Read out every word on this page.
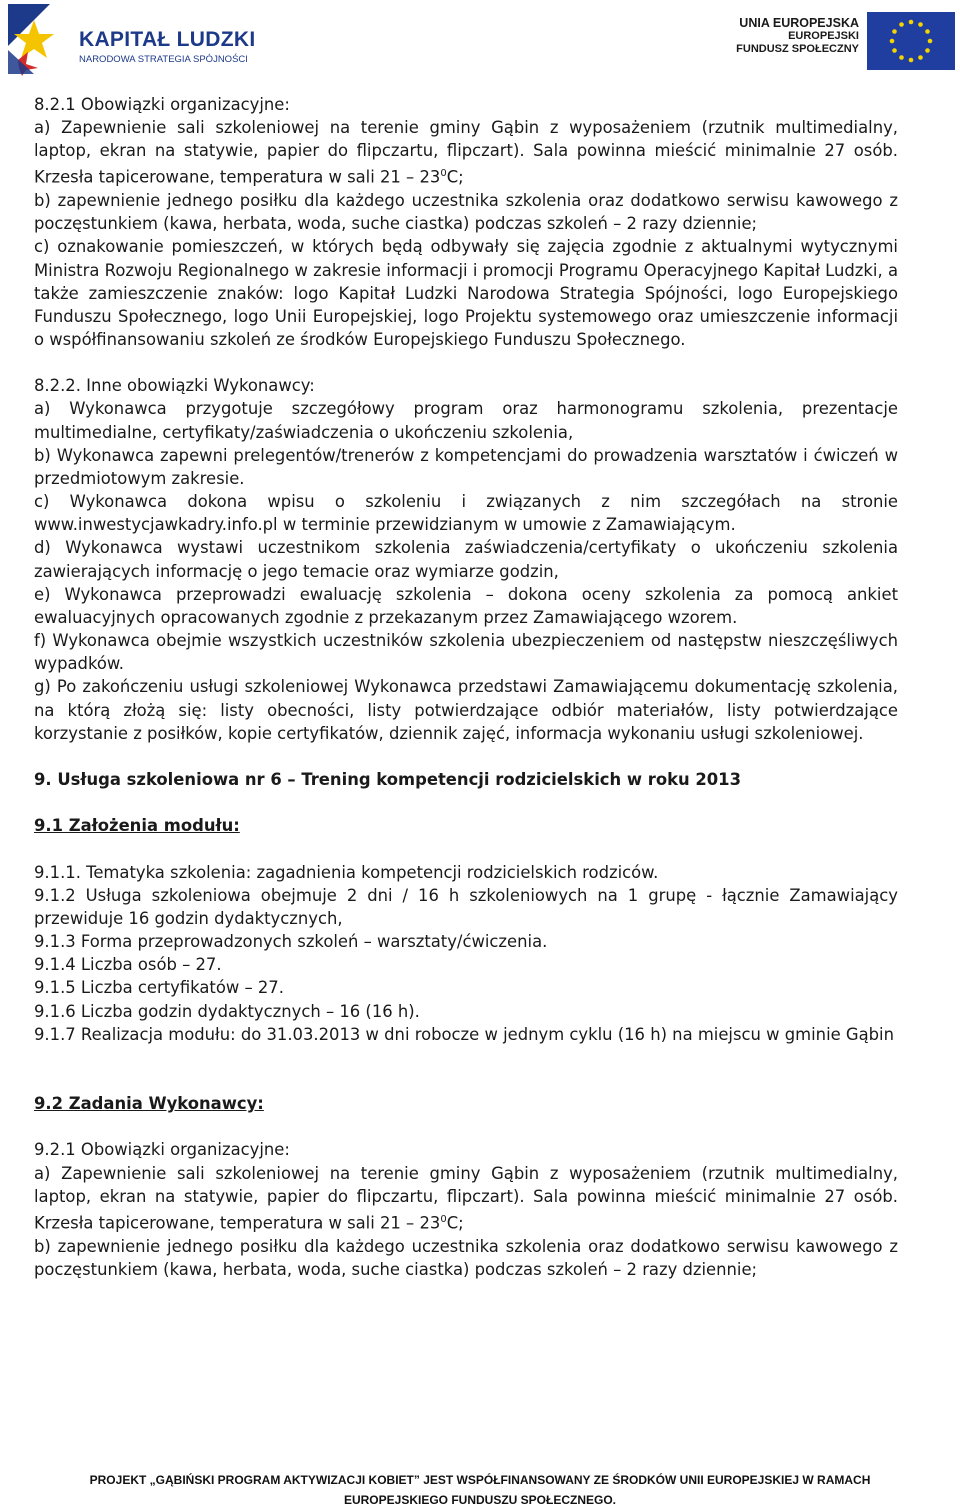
KAPITAŁ LUDZKI
NARODOWA STRATEGIA SPÓJNOŚCI
UNIA EUROPEJSKA
EUROPEJSKI
FUNDUSZ SPOŁECZNY

8.2.1 Obowiązki organizacyjne:

a) Zapewnienie sali szkoleniowej na terenie gminy Gąbin z wyposażeniem (rzutnik multimedialny, laptop, ekran na statywie, papier do flipczartu, flipczart). Sala powinna mieścić minimalnie 27 osób. Krzesła tapicerowane, temperatura w sali $21 - 23^0C$;

b) zapewnienie jednego posiłku dla każdego uczestnika szkolenia oraz dodatkowo serwisu kawowego z poczęstunkiem (kawa, herbata, woda, suche ciastka) podczas szkoleń – 2 razy dziennie;

c) oznakowanie pomieszczeń, w których będą odbywały się zajęcia zgodnie z aktualnymi wytycznymi Ministra Rozwoju Regionalnego w zakresie informacji i promocji Programu Operacyjnego Kapitał Ludzki, a także zamieszczenie znaków: logo Kapitał Ludzki Narodowa Strategia Spójności, logo Europejskiego Funduszu Społecznego, logo Unii Europejskiej, logo Projektu systemowego oraz umieszczenie informacji o współfinansowaniu szkoleń ze środków Europejskiego Funduszu Społecznego.

8.2.2. Inne obowiązki Wykonawcy:

a) Wykonawca przygotuje szczegółowy program oraz harmonogramu szkolenia, prezentacje multimedialne, certyfikaty/zaświadczenia o ukończeniu szkolenia,

b) Wykonawca zapewni prelegentów/trenerów z kompetencjami do prowadzenia warsztatów i ćwiczeń w przedmiotowym zakresie.

c) Wykonawca dokona wpisu o szkoleniu i związanych z nim szczegółach na stronie www.inwestycjawkadry.info.pl w terminie przewidzianym w umowie z Zamawiającym.

d) Wykonawca wystawi uczestnikom szkolenia zaświadczenia/certyfikaty o ukończeniu szkolenia zawierających informację o jego temacie oraz wymiarze godzin,

e) Wykonawca przeprowadzi ewaluację szkolenia – dokona oceny szkolenia za pomocą ankiet ewaluacyjnych opracowanych zgodnie z przekazanym przez Zamawiającego wzorem.

f) Wykonawca obejmie wszystkich uczestników szkolenia ubezpieczeniem od następstw nieszczęśliwych wypadków.

g) Po zakończeniu usługi szkoleniowej Wykonawca przedstawi Zamawiającemu dokumentację szkolenia, na którą złożą się: listy obecności, listy potwierdzające odbiór materiałów, listy potwierdzające korzystanie z posiłków, kopie certyfikatów, dziennik zajęć, informacja wykonaniu usługi szkoleniowej.

9. Usługa szkoleniowa nr 6 – Trening kompetencji rodzicielskich w roku 2013

9.1 Założenia modułu:

9.1.1. Tematyka szkolenia: zagadnienia kompetencji rodzicielskich rodziców.

9.1.2 Usługa szkoleniowa obejmuje 2 dni / 16 h szkoleniowych na 1 grupę - łącznie Zamawiający przewiduje 16 godzin dydaktycznych,

9.1.3 Forma przeprowadzonych szkoleń – warsztaty/ćwiczenia.

9.1.4 Liczba osób – 27.

9.1.5 Liczba certyfikatów – 27.

9.1.6 Liczba godzin dydaktycznych – 16 (16 h).

9.1.7 Realizacja modułu: do 31.03.2013 w dni robocze w jednym cyklu (16 h) na miejscu w gminie Gąbin

9.2 Zadania Wykonawcy:

9.2.1 Obowiązki organizacyjne:

a) Zapewnienie sali szkoleniowej na terenie gminy Gąbin z wyposażeniem (rzutnik multimedialny, laptop, ekran na statywie, papier do flipczartu, flipczart). Sala powinna mieścić minimalnie 27 osób. Krzesła tapicerowane, temperatura w sali $21 - 23^0C$;

b) zapewnienie jednego posiłku dla każdego uczestnika szkolenia oraz dodatkowo serwisu kawowego z poczęstunkiem (kawa, herbata, woda, suche ciastka) podczas szkoleń – 2 razy dziennie;

PROJEKT „GĄBIŃSKI PROGRAM AKTYWIZACJI KOBIET” JEST WSPÓŁFINANSOWANY ZE ŚRODKÓW UNII EUROPEJSKIEJ W RAMACH
EUROPEJSKIEGO FUNDUSZU SPOŁECZNEGO.
